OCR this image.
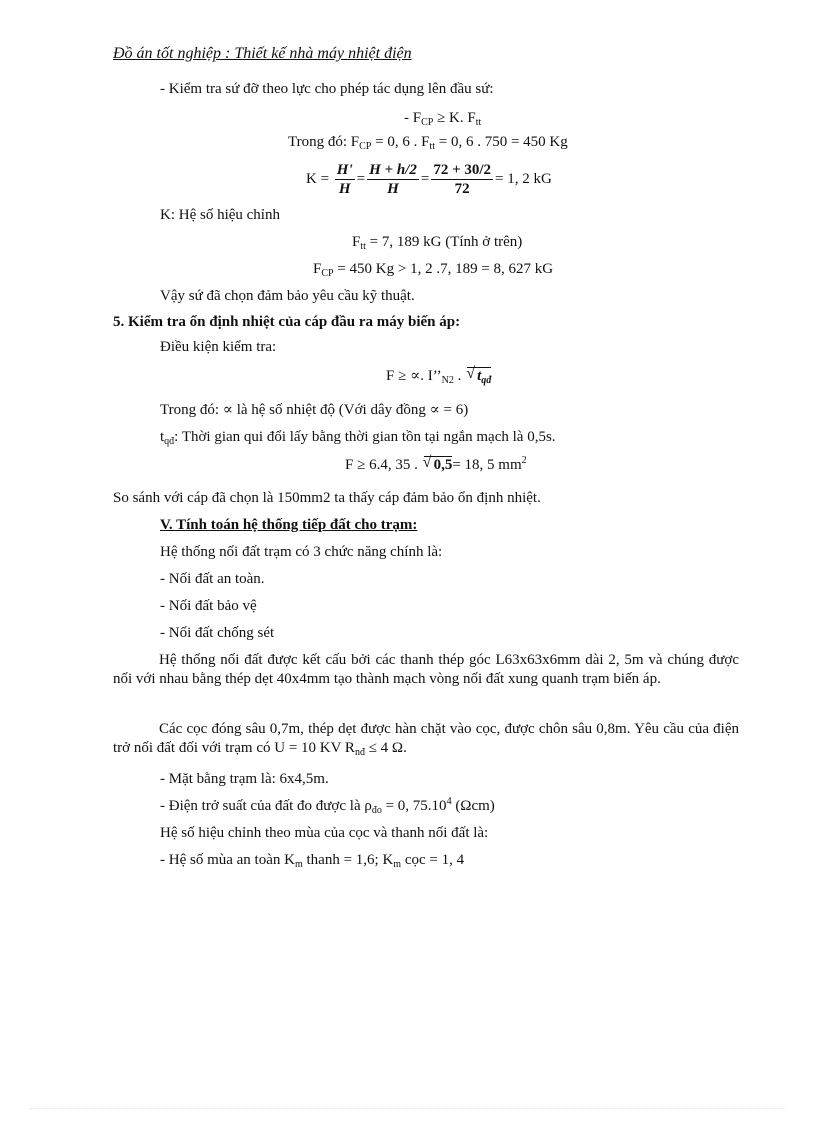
Đồ án tốt nghiệp : Thiết kế nhà máy nhiệt điện
- Kiểm tra sứ đỡ theo lực cho phép tác dụng lên đầu sứ:
- $F_{CP} \ge K$. $F_{tt}$
Trong đó: $F_{CP} = 0$, 6 . $F_{tt} = 0$, 6 . 750 = 450 Kg
$K = \frac{H'}{H} = \frac{H + h/2}{H} = \frac{72 + 30/2}{72} = 1$, 2 kG
K: Hệ số hiệu chỉnh
$F_{tt} = 7$, 189 kG (Tính ở trên)
$F_{CP} = 450$ Kg > 1, 2 .7, 189 = 8, 627 kG
Vậy sứ đã chọn đảm bảo yêu cầu kỹ thuật.
5. Kiểm tra ổn định nhiệt của cáp đầu ra máy biến áp:
Điều kiện kiểm tra:
F ≥ ∝. $I’’_{N2}$ . √ $t_{qđ}$
Trong đó: ∝ là hệ số nhiệt độ (Với dây đồng ∝ = 6)
$t_{qđ}$: Thời gian qui đổi lấy bằng thời gian tồn tại ngắn mạch là 0,5s.
F ≥ 6.4, 35 . √ 0,5= 18, 5 $mm^2$
So sánh với cáp đã chọn là 150mm2 ta thấy cáp đảm bảo ổn định nhiệt.
V. Tính toán hệ thống tiếp đất cho trạm:
Hệ thống nối đất trạm có 3 chức năng chính là:
- Nối đất an toàn.
- Nối đất bảo vệ
- Nối đất chống sét
Hệ thống nối đất được kết cấu bởi các thanh thép góc L63x63x6mm dài 2, 5m và chúng được nối với nhau bằng thép dẹt 40x4mm tạo thành mạch vòng nối đất xung quanh trạm biến áp.
Các cọc đóng sâu 0,7m, thép dẹt được hàn chặt vào cọc, được chôn sâu 0,8m. Yêu cầu của điện trở nối đất đối với trạm có U = 10 KV $R_{nđ} \le 4$ Ω.
- Mặt bằng trạm là: 6x4,5m.
- Điện trở suất của đất đo được là $\rho_{đo} = 0$, 75.10$^4$ (Ωcm)
Hệ số hiệu chỉnh theo mùa của cọc và thanh nối đất là:
- Hệ số mùa an toàn $K_m$ thanh = 1,6; $K_m$ cọc = 1, 4
